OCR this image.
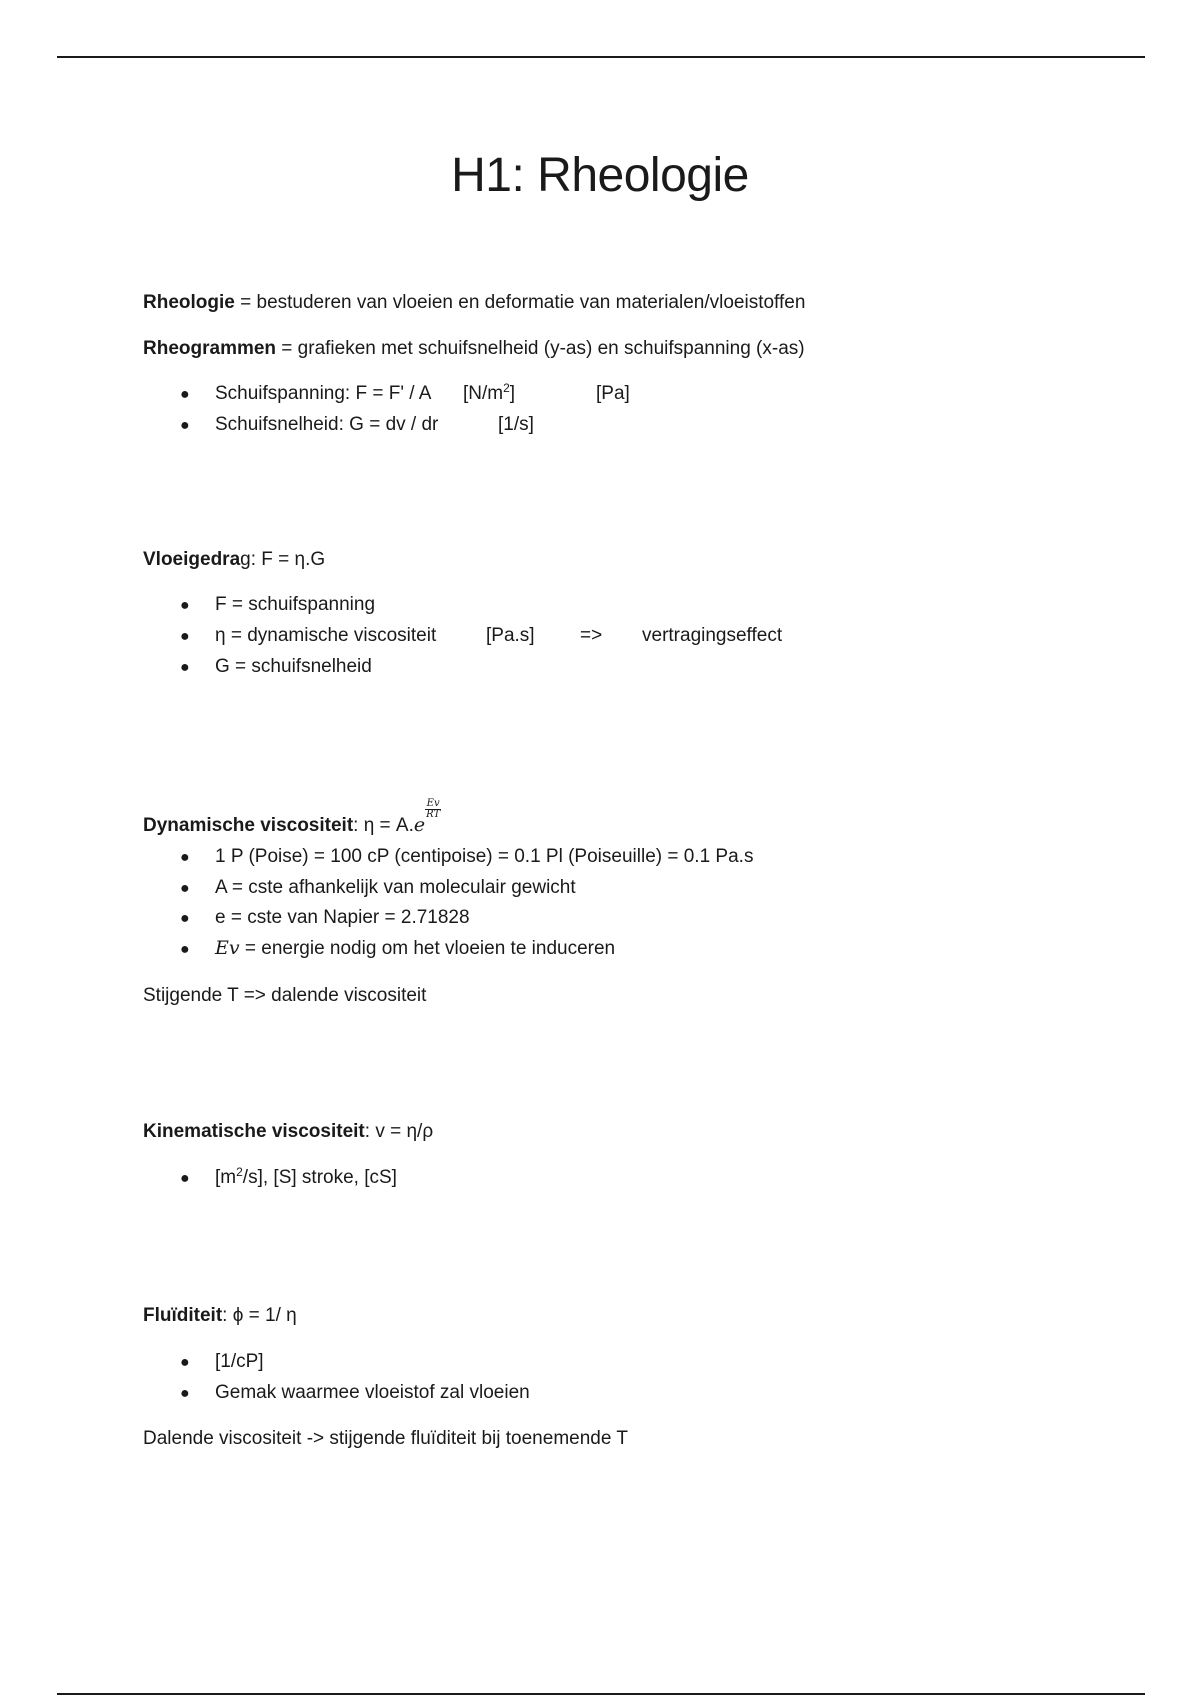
H1: Rheologie
Rheologie = bestuderen van vloeien en deformatie van materialen/vloeistoffen
Rheogrammen = grafieken met schuifsnelheid (y-as) en schuifspanning (x-as)
● Schuifspanning: F = F' / A $[N/m^2]$	[Pa]
● Schuifsnelheid: G = dv / dr	[1/s]
Vloeigedrag: F = η.G
● F = schuifspanning
● η = dynamische viscositeit	[Pa.s] => vertragingseffect
● G = schuifsnelheid
Dynamische viscositeit: η = A.e
$\frac{Ev}{RT}$
● 1 P (Poise) = 100 cP (centipoise) = 0.1 Pl (Poiseuille) = 0.1 Pa.s
● A = cste afhankelijk van moleculair gewicht
● e = cste van Napier = 2.71828
● Ev = energie nodig om het vloeien te induceren
Stijgende T => dalende viscositeit
Kinematische viscositeit: v = η/ρ
● $[m^2/s]$, [S] stroke, [cS]
Fluïditeit: ϕ = 1/ η
● [1/cP]
● Gemak waarmee vloeistof zal vloeien
Dalende viscositeit -> stijgende fluïditeit bij toenemende T
